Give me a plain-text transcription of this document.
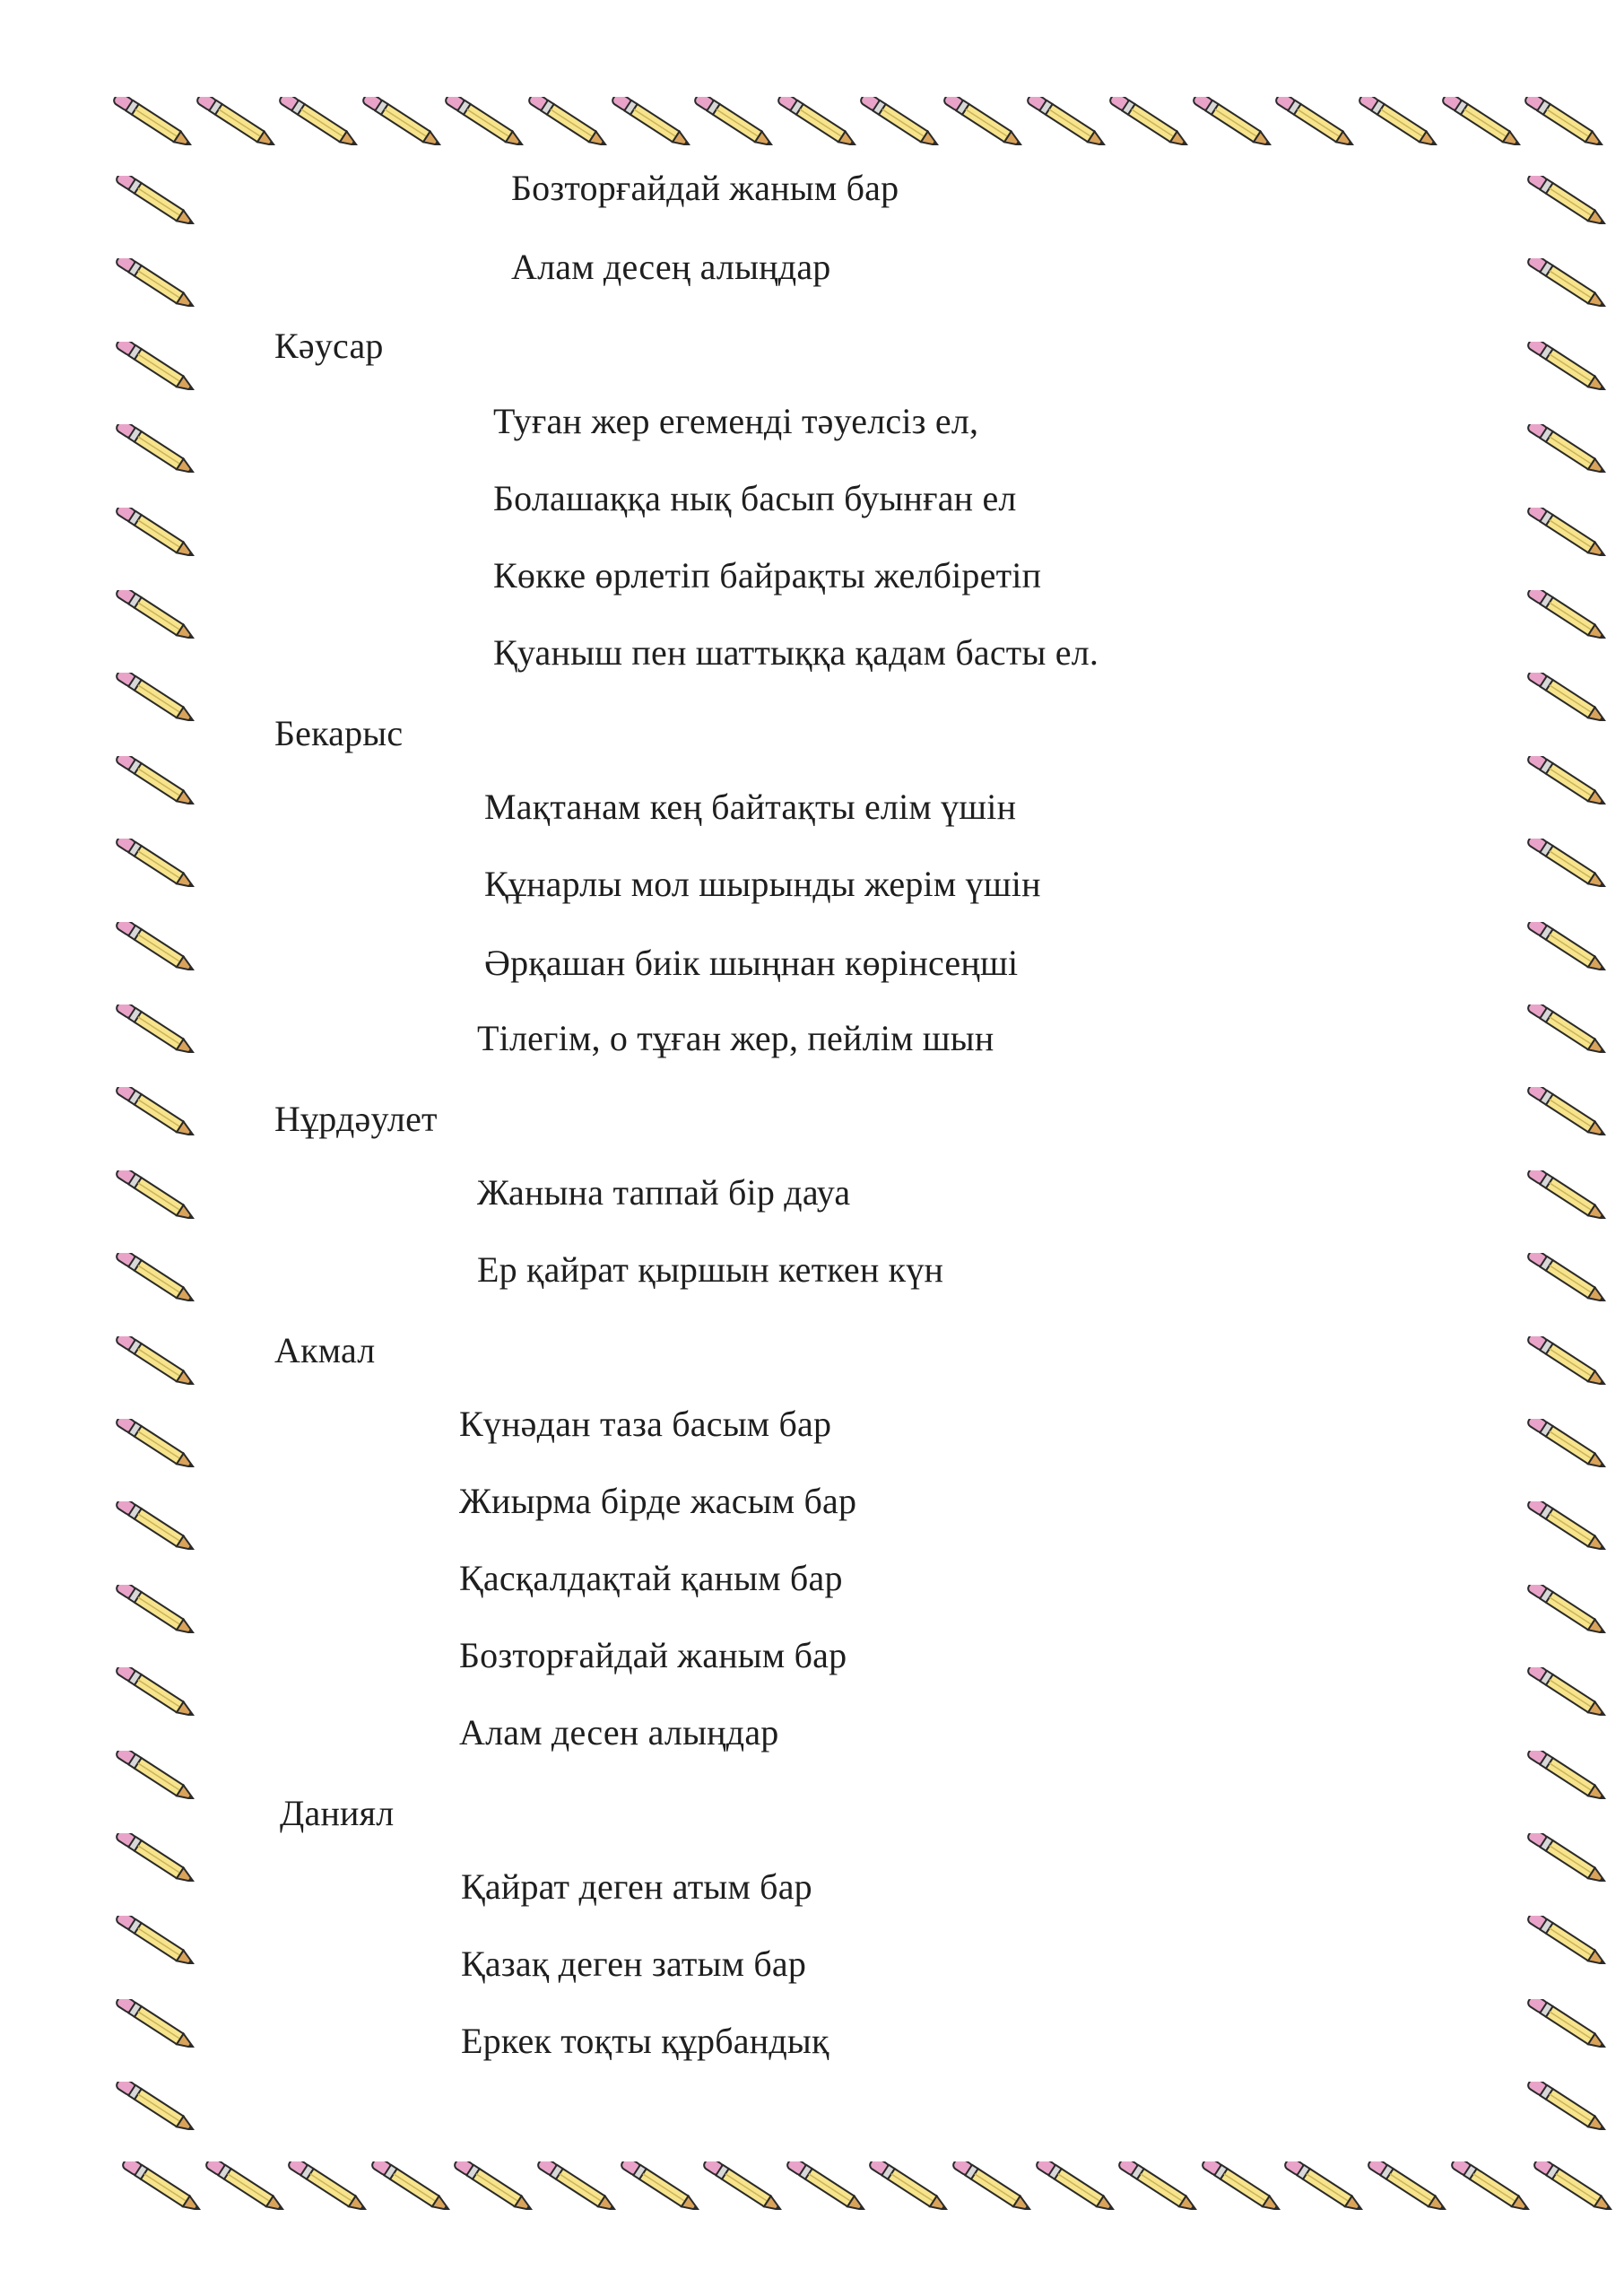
Бозторғайдай жаным бар

Алам десең алыңдар

Кәусар

Туған жер егеменді тәуелсіз ел,

Болашаққа нық басып буынған ел

Көкке өрлетіп байрақты желбіретіп

Қуаныш пен шаттыққа қадам басты ел.

Бекарыс

Мақтанам кең байтақты елім үшін

Құнарлы мол шырынды жерім үшін

Әрқашан биік шыңнан көрінсеңші

Тілегім, о тұған жер, пейлім шын

Нұрдәулет

Жанына таппай бір дауа

Ер қайрат қыршын кеткен күн

Акмал

Күнәдан таза басым бар

Жиырма бірде жасым бар

Қасқалдақтай қаным бар

Бозторғайдай жаным бар

Алам десен алыңдар

Даниял

Қайрат деген атым бар

Қазақ деген затым бар

Еркек тоқты құрбандық
